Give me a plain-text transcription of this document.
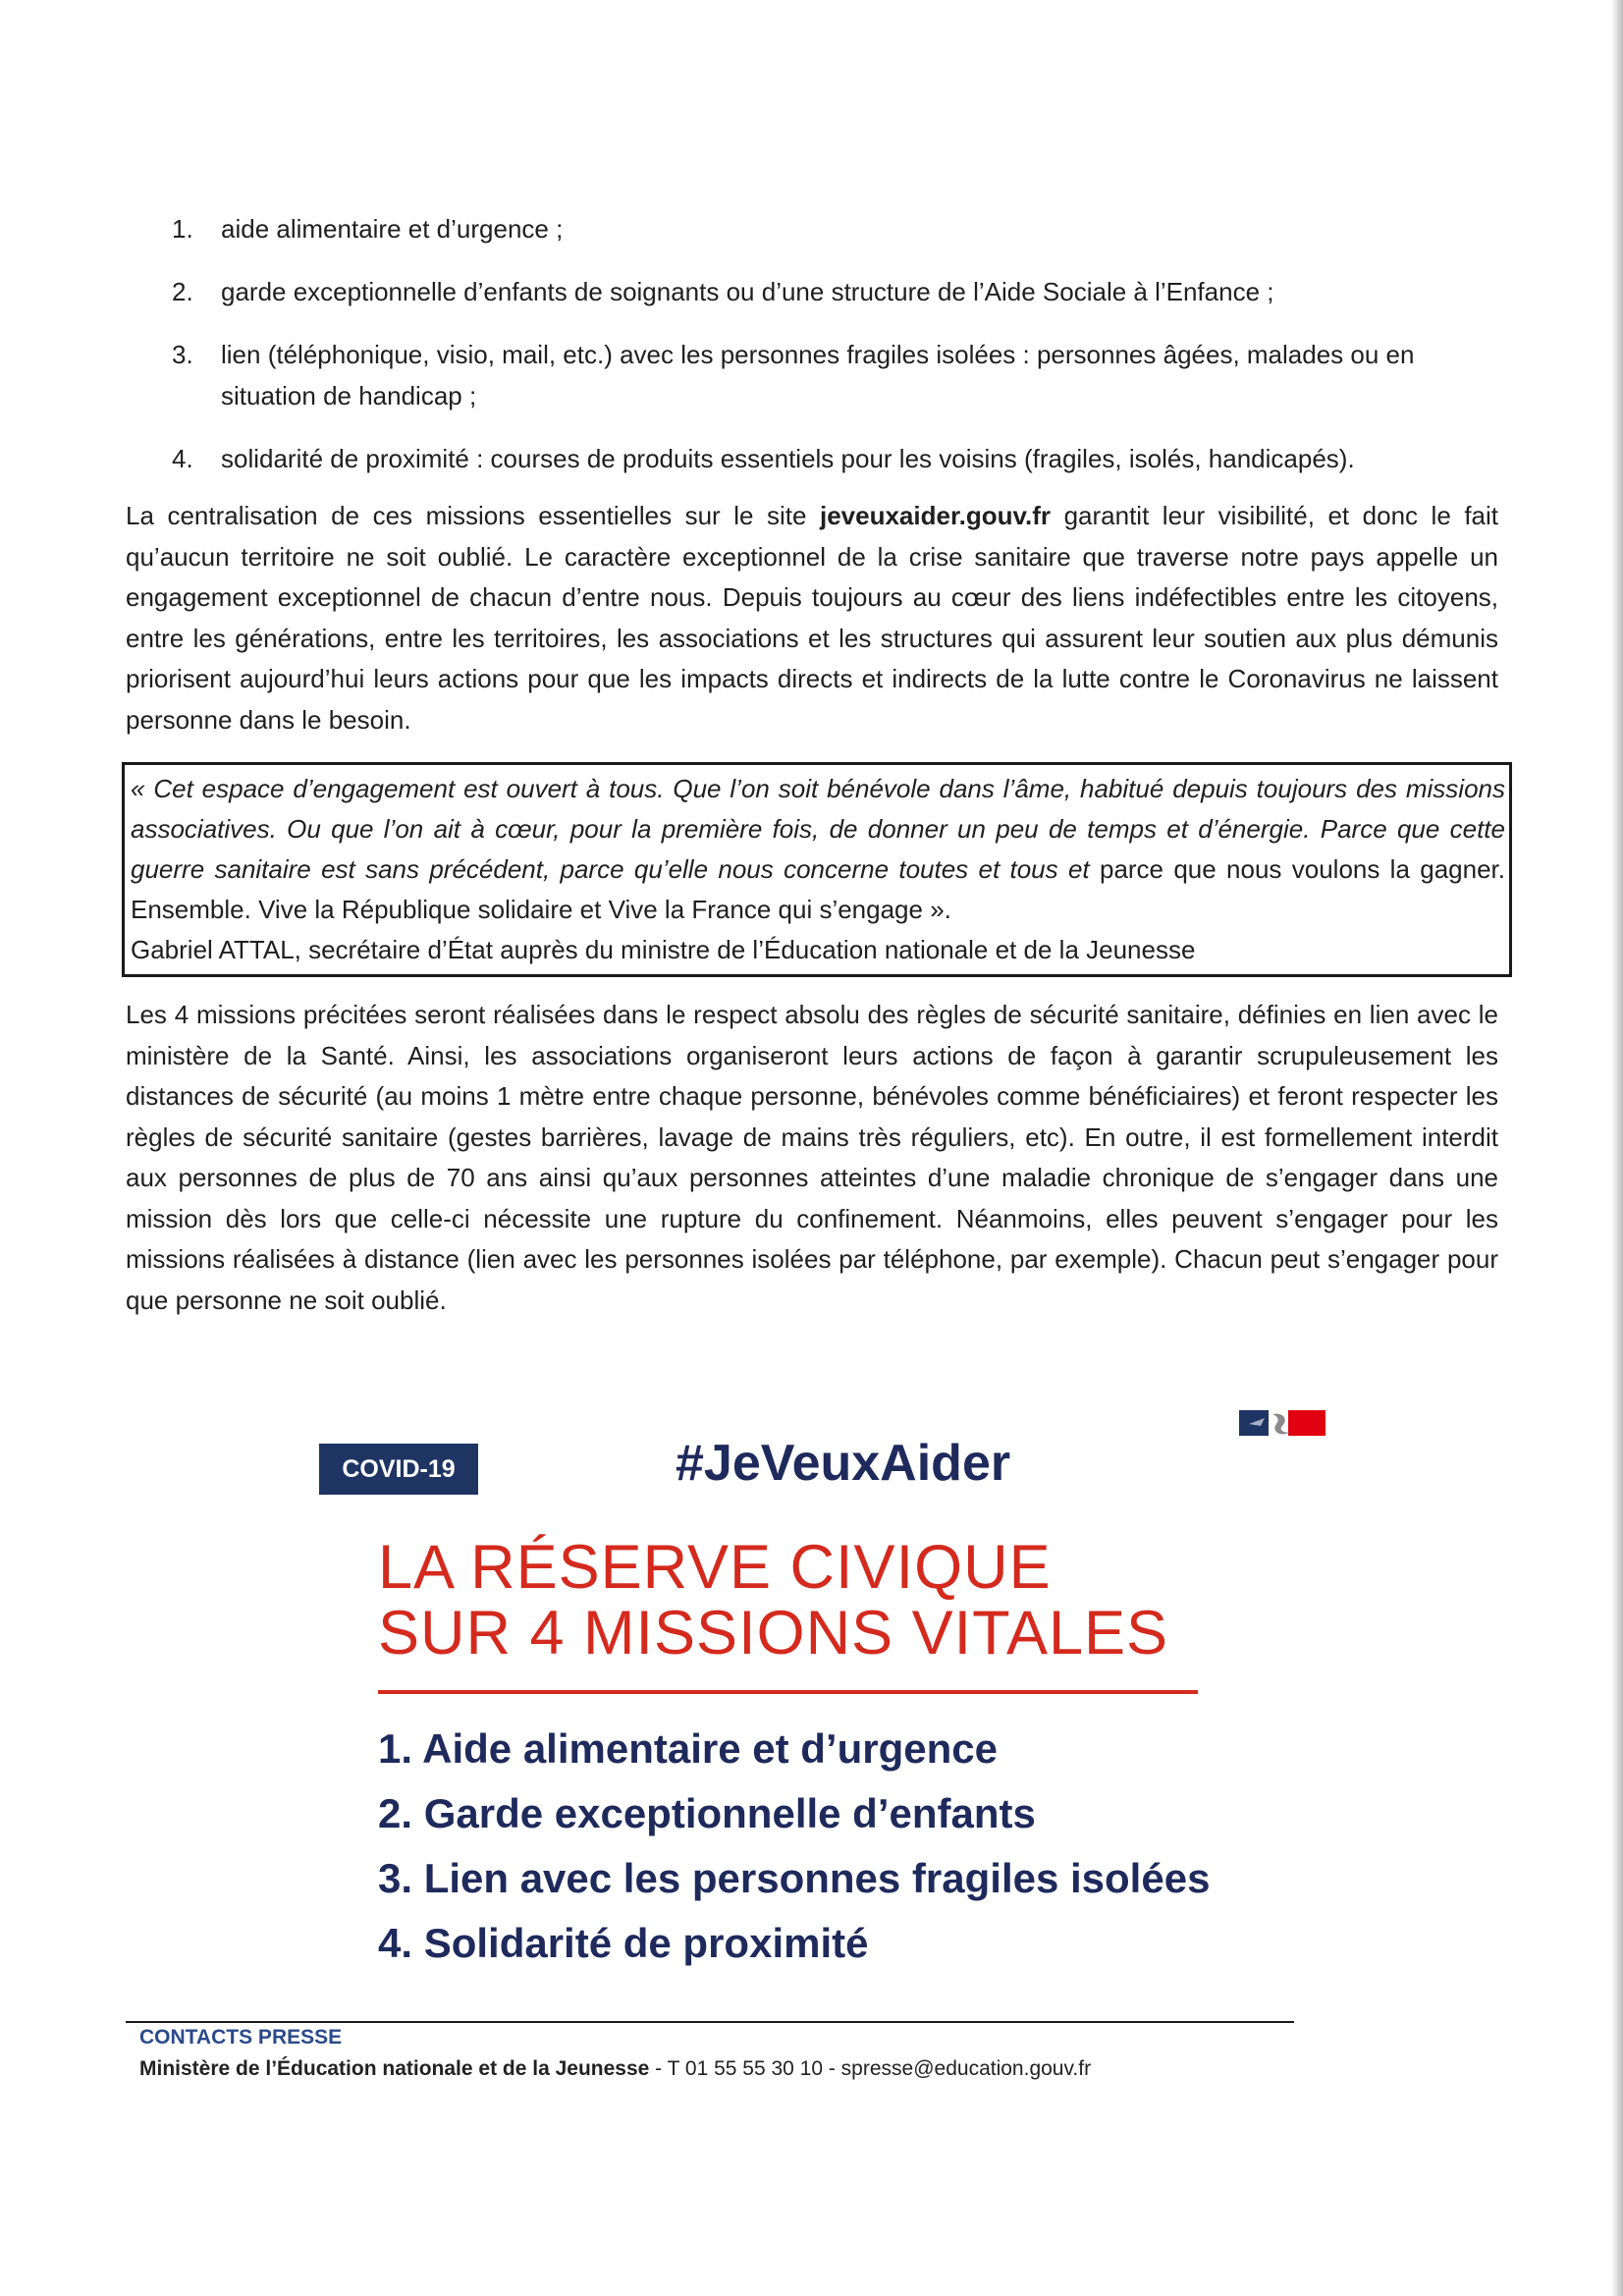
1.	aide alimentaire et d’urgence ;
2.	garde exceptionnelle d’enfants de soignants ou d’une structure de l’Aide Sociale à l’Enfance ;
3.	lien (téléphonique, visio, mail, etc.) avec les personnes fragiles isolées : personnes âgées, malades ou en situation de handicap ;
4.	solidarité de proximité : courses de produits essentiels pour les voisins (fragiles, isolés, handicapés).

La centralisation de ces missions essentielles sur le site jeveuxaider.gouv.fr garantit leur visibilité, et donc le fait qu’aucun territoire ne soit oublié. Le caractère exceptionnel de la crise sanitaire que traverse notre pays appelle un engagement exceptionnel de chacun d’entre nous. Depuis toujours au cœur des liens indéfectibles entre les citoyens, entre les générations, entre les territoires, les associations et les structures qui assurent leur soutien aux plus démunis priorisent aujourd’hui leurs actions pour que les impacts directs et indirects de la lutte contre le Coronavirus ne laissent personne dans le besoin.

« Cet espace d’engagement est ouvert à tous. Que l’on soit bénévole dans l’âme, habitué depuis toujours des missions associatives. Ou que l’on ait à cœur, pour la première fois, de donner un peu de temps et d’énergie. Parce que cette guerre sanitaire est sans précédent, parce qu’elle nous concerne toutes et tous et parce que nous voulons la gagner. Ensemble. Vive la République solidaire et Vive la France qui s’engage ».
Gabriel ATTAL, secrétaire d’État auprès du ministre de l’Éducation nationale et de la Jeunesse

Les 4 missions précitées seront réalisées dans le respect absolu des règles de sécurité sanitaire, définies en lien avec le ministère de la Santé. Ainsi, les associations organiseront leurs actions de façon à garantir scrupuleusement les distances de sécurité (au moins 1 mètre entre chaque personne, bénévoles comme bénéficiaires) et feront respecter les règles de sécurité sanitaire (gestes barrières, lavage de mains très réguliers, etc). En outre, il est formellement interdit aux personnes de plus de 70 ans ainsi qu’aux personnes atteintes d’une maladie chronique de s’engager dans une mission dès lors que celle-ci nécessite une rupture du confinement. Néanmoins, elles peuvent s’engager pour les missions réalisées à distance (lien avec les personnes isolées par téléphone, par exemple). Chacun peut s’engager pour que personne ne soit oublié.

COVID-19	#JeVeuxAider
LA RÉSERVE CIVIQUE
SUR 4 MISSIONS VITALES
1. Aide alimentaire et d’urgence
2. Garde exceptionnelle d’enfants
3. Lien avec les personnes fragiles isolées
4. Solidarité de proximité
CONTACTS PRESSE
Ministère de l’Éducation nationale et de la Jeunesse - T 01 55 55 30 10 - spresse@education.gouv.fr
